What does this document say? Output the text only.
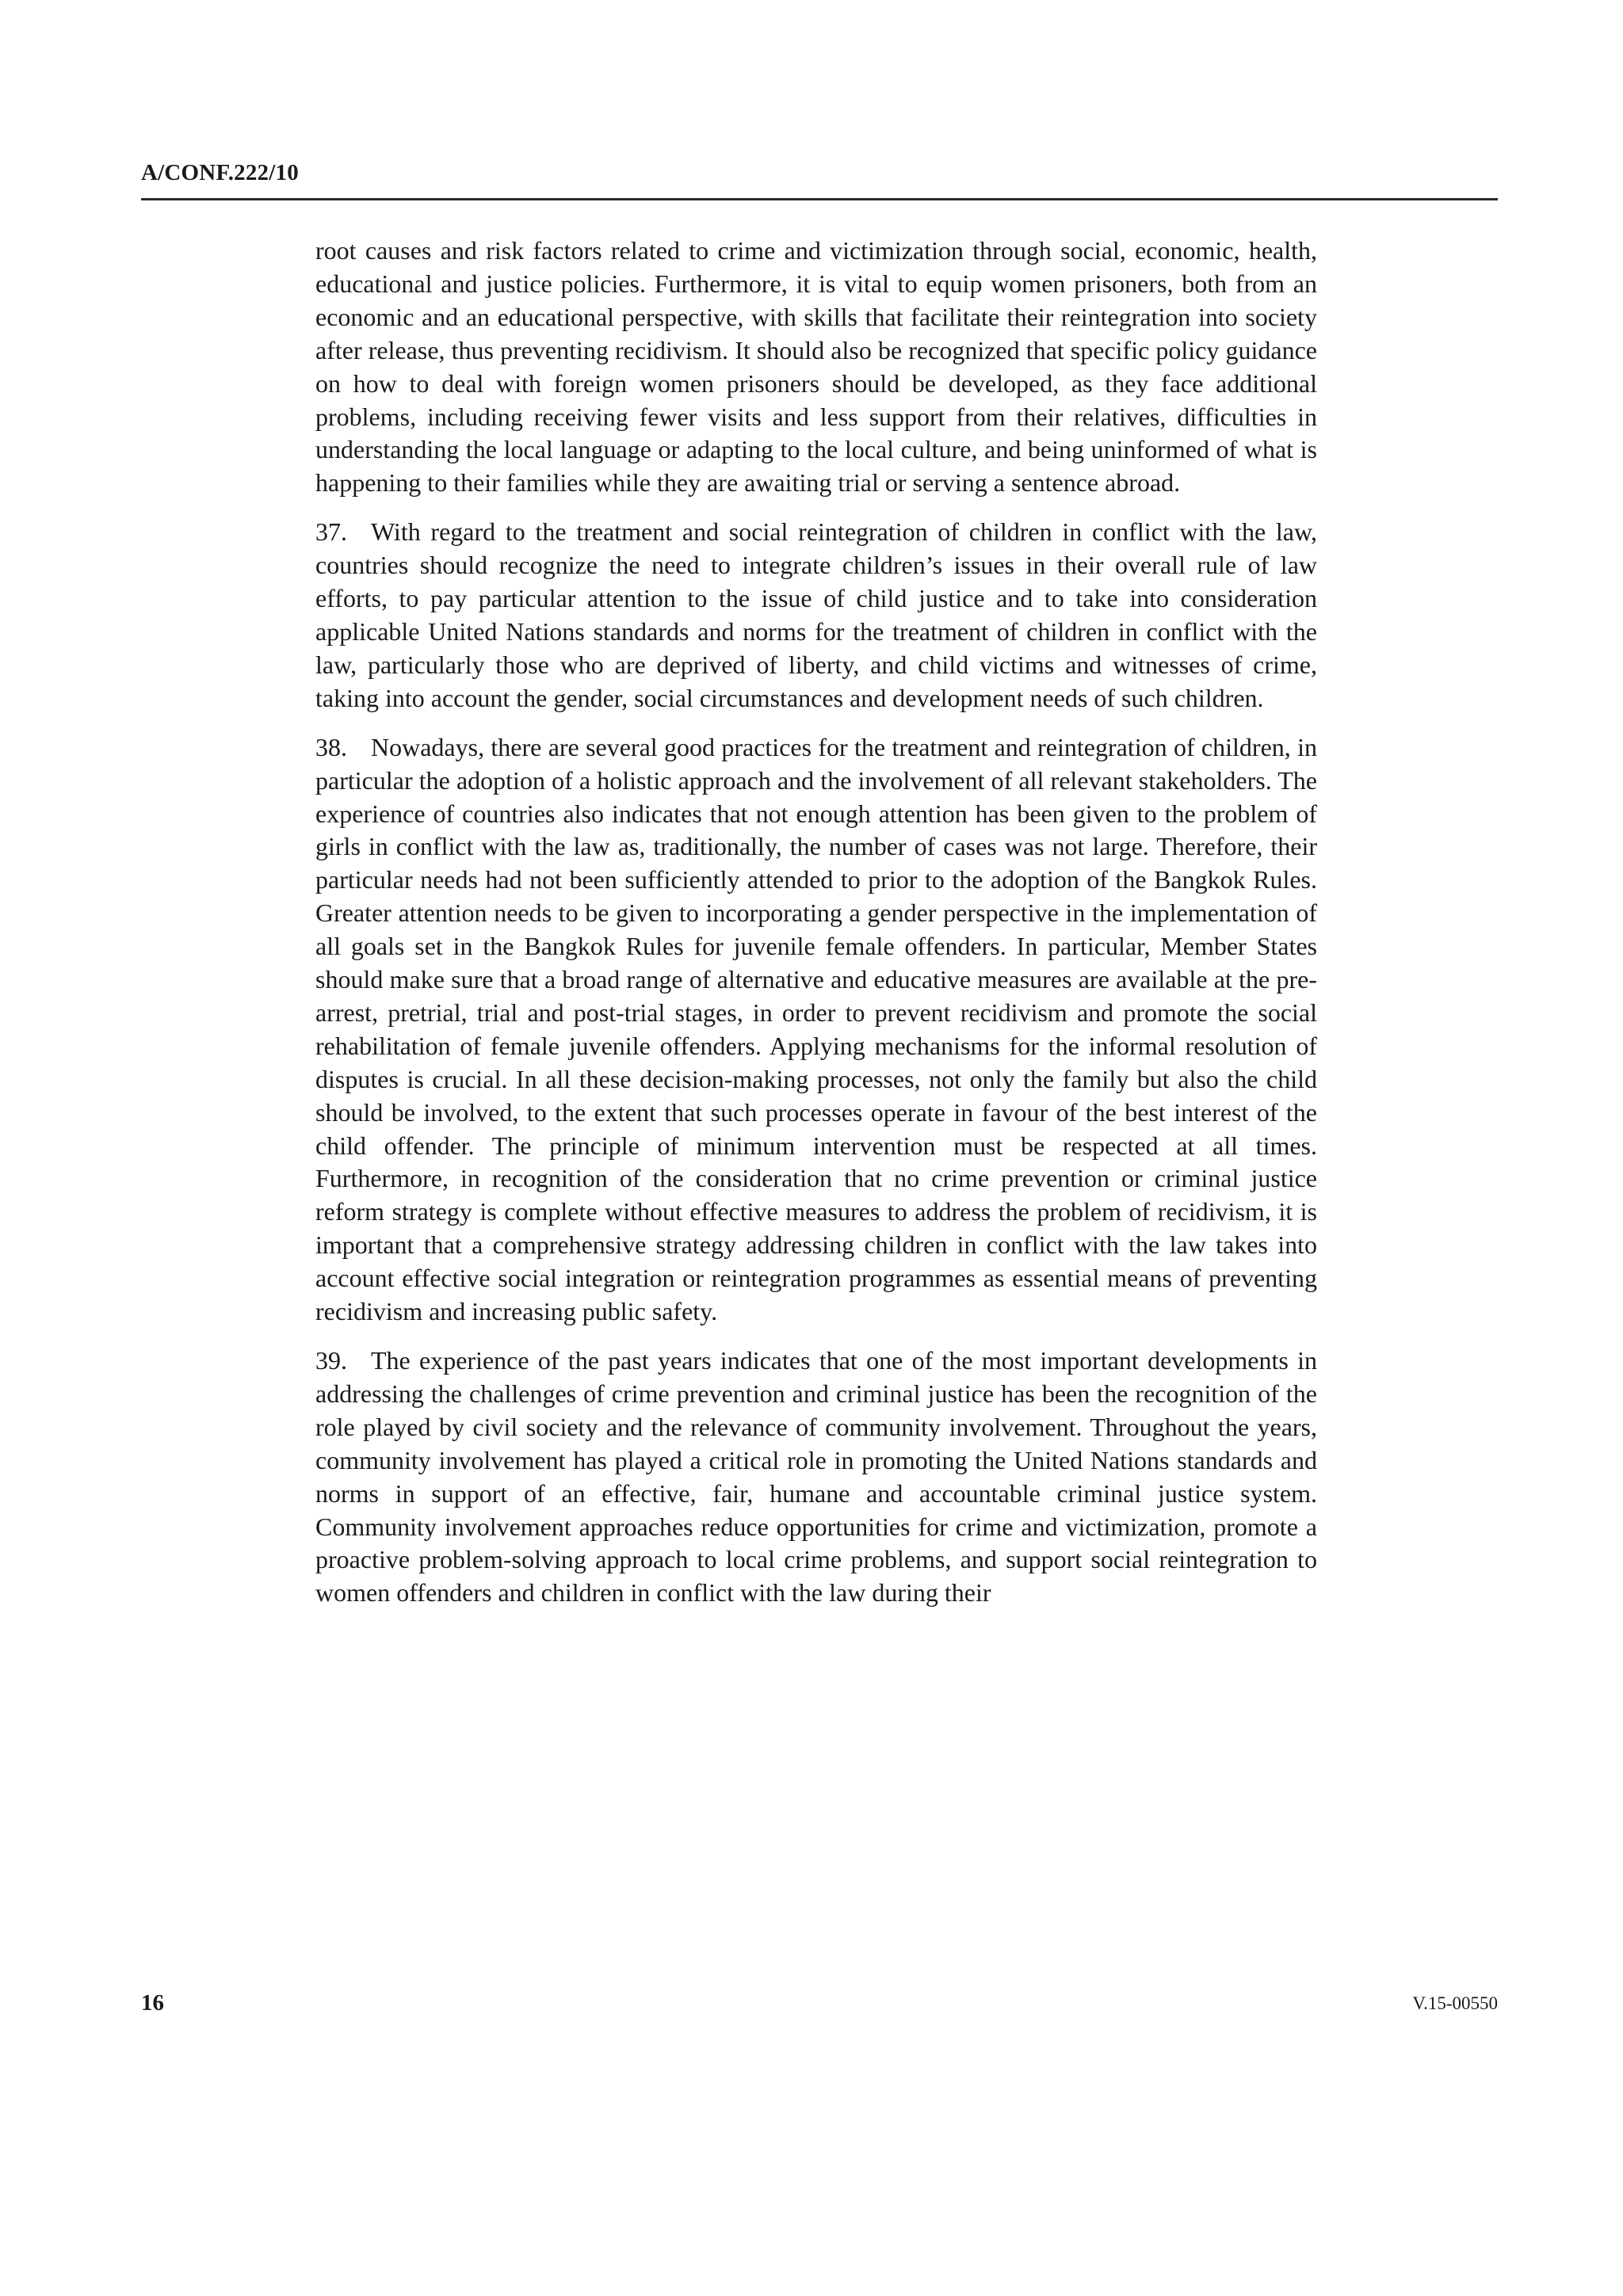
A/CONF.222/10

root causes and risk factors related to crime and victimization through social, economic, health, educational and justice policies. Furthermore, it is vital to equip women prisoners, both from an economic and an educational perspective, with skills that facilitate their reintegration into society after release, thus preventing recidivism. It should also be recognized that specific policy guidance on how to deal with foreign women prisoners should be developed, as they face additional problems, including receiving fewer visits and less support from their relatives, difficulties in understanding the local language or adapting to the local culture, and being uninformed of what is happening to their families while they are awaiting trial or serving a sentence abroad.

37. With regard to the treatment and social reintegration of children in conflict with the law, countries should recognize the need to integrate children’s issues in their overall rule of law efforts, to pay particular attention to the issue of child justice and to take into consideration applicable United Nations standards and norms for the treatment of children in conflict with the law, particularly those who are deprived of liberty, and child victims and witnesses of crime, taking into account the gender, social circumstances and development needs of such children.

38. Nowadays, there are several good practices for the treatment and reintegration of children, in particular the adoption of a holistic approach and the involvement of all relevant stakeholders. The experience of countries also indicates that not enough attention has been given to the problem of girls in conflict with the law as, traditionally, the number of cases was not large. Therefore, their particular needs had not been sufficiently attended to prior to the adoption of the Bangkok Rules. Greater attention needs to be given to incorporating a gender perspective in the implementation of all goals set in the Bangkok Rules for juvenile female offenders. In particular, Member States should make sure that a broad range of alternative and educative measures are available at the pre-arrest, pretrial, trial and post-trial stages, in order to prevent recidivism and promote the social rehabilitation of female juvenile offenders. Applying mechanisms for the informal resolution of disputes is crucial. In all these decision-making processes, not only the family but also the child should be involved, to the extent that such processes operate in favour of the best interest of the child offender. The principle of minimum intervention must be respected at all times. Furthermore, in recognition of the consideration that no crime prevention or criminal justice reform strategy is complete without effective measures to address the problem of recidivism, it is important that a comprehensive strategy addressing children in conflict with the law takes into account effective social integration or reintegration programmes as essential means of preventing recidivism and increasing public safety.

39. The experience of the past years indicates that one of the most important developments in addressing the challenges of crime prevention and criminal justice has been the recognition of the role played by civil society and the relevance of community involvement. Throughout the years, community involvement has played a critical role in promoting the United Nations standards and norms in support of an effective, fair, humane and accountable criminal justice system. Community involvement approaches reduce opportunities for crime and victimization, promote a proactive problem-solving approach to local crime problems, and support social reintegration to women offenders and children in conflict with the law during their

16	V.15-00550
